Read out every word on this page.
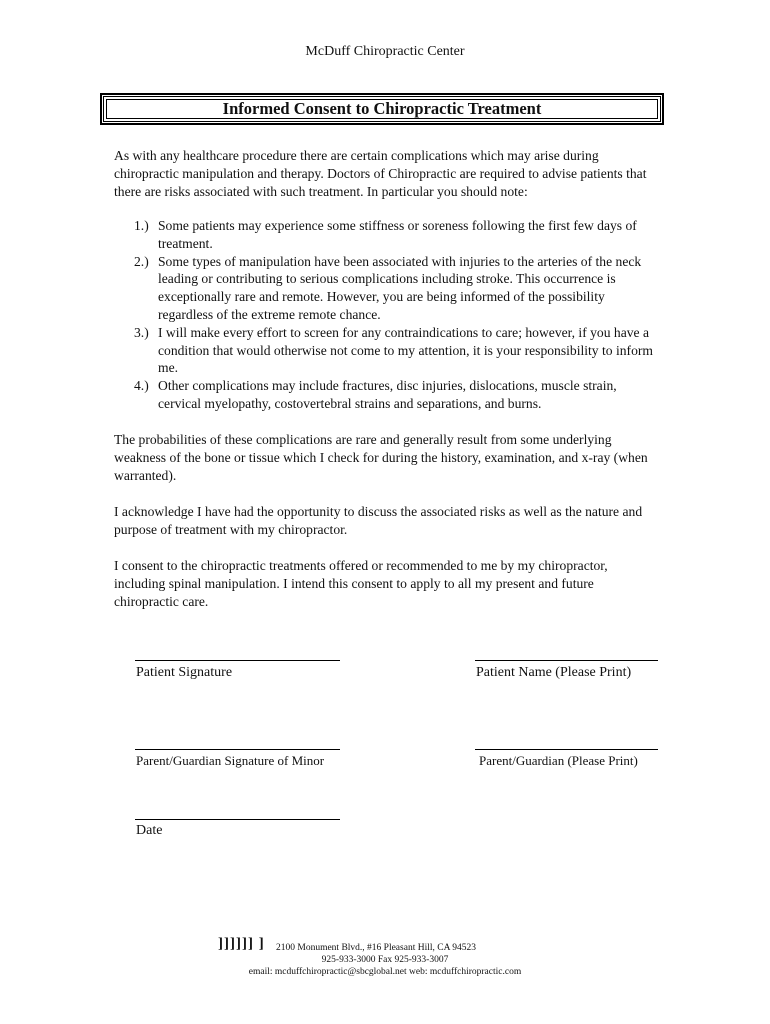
McDuff Chiropractic Center
Informed Consent to Chiropractic Treatment
As with any healthcare procedure there are certain complications which may arise during chiropractic manipulation and therapy. Doctors of Chiropractic are required to advise patients that there are risks associated with such treatment. In particular you should note:
1.) Some patients may experience some stiffness or soreness following the first few days of treatment.
2.) Some types of manipulation have been associated with injuries to the arteries of the neck leading or contributing to serious complications including stroke. This occurrence is exceptionally rare and remote. However, you are being informed of the possibility regardless of the extreme remote chance.
3.) I will make every effort to screen for any contraindications to care; however, if you have a condition that would otherwise not come to my attention, it is your responsibility to inform me.
4.) Other complications may include fractures, disc injuries, dislocations, muscle strain, cervical myelopathy, costovertebral strains and separations, and burns.
The probabilities of these complications are rare and generally result from some underlying weakness of the bone or tissue which I check for during the history, examination, and x-ray (when warranted).
I acknowledge I have had the opportunity to discuss the associated risks as well as the nature and purpose of treatment with my chiropractor.
I consent to the chiropractic treatments offered or recommended to me by my chiropractor, including spinal manipulation. I intend this consent to apply to all my present and future chiropractic care.
Patient Signature	Patient Name (Please Print)
Parent/Guardian Signature of Minor	Parent/Guardian (Please Print)
Date
]]]]]] ] 2100 Monument Blvd., #16 Pleasant Hill, CA 94523
925-933-3000 Fax 925-933-3007
email: mcduffchiropractic@sbcglobal.net web: mcduffchiropractic.com
